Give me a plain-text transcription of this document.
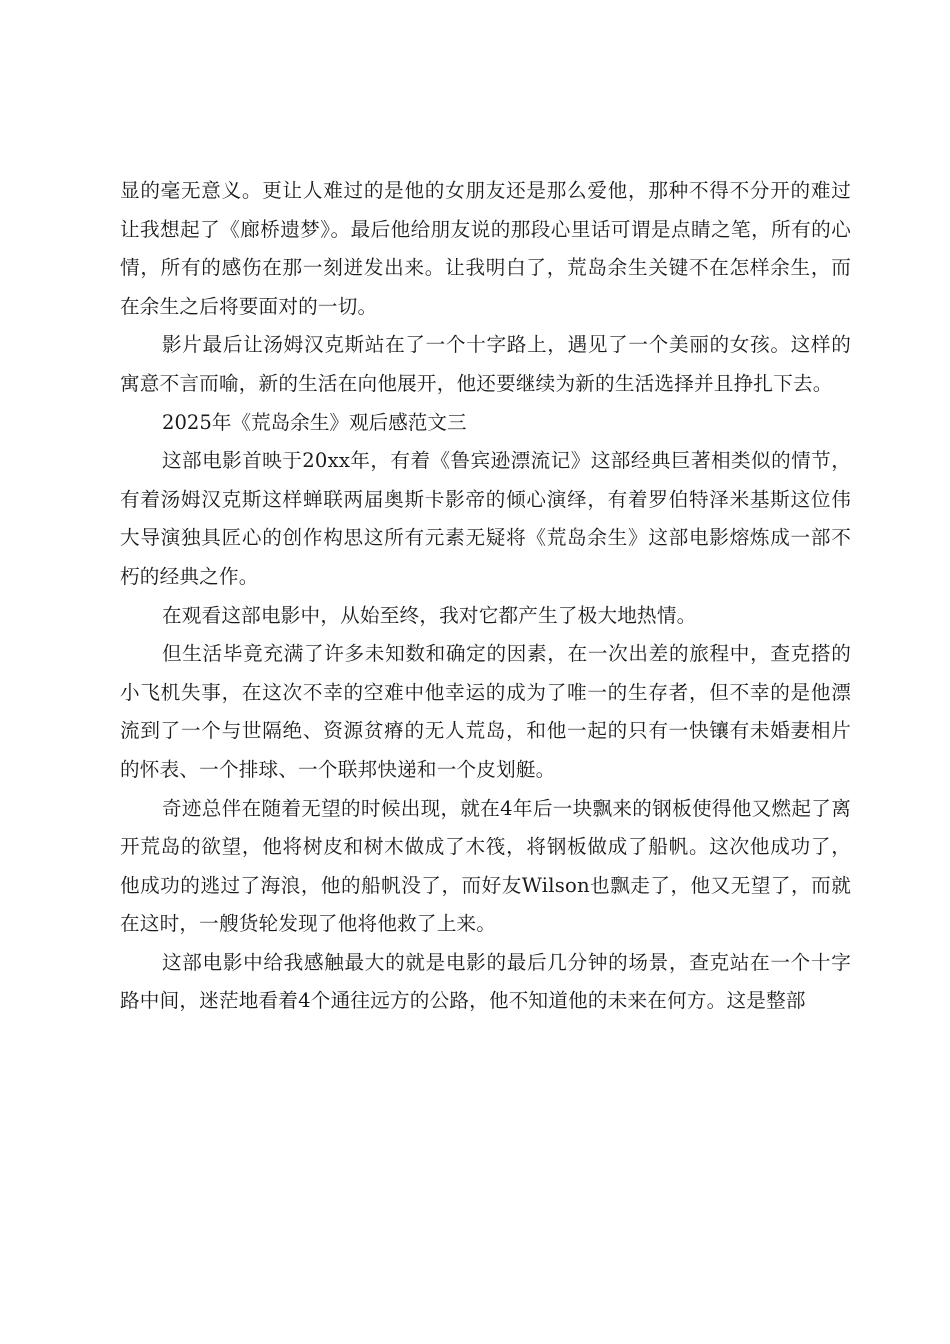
显的毫无意义。更让人难过的是他的女朋友还是那么爱他，那种不得不分开的难过让我想起了《廊桥遗梦》。最后他给朋友说的那段心里话可谓是点睛之笔，所有的心情，所有的感伤在那一刻迸发出来。让我明白了，荒岛余生关键不在怎样余生，而在余生之后将要面对的一切。

影片最后让汤姆汉克斯站在了一个十字路上，遇见了一个美丽的女孩。这样的寓意不言而喻，新的生活在向他展开，他还要继续为新的生活选择并且挣扎下去。

2025年《荒岛余生》观后感范文三

这部电影首映于20xx年，有着《鲁宾逊漂流记》这部经典巨著相类似的情节，有着汤姆汉克斯这样蝉联两届奥斯卡影帝的倾心演绎，有着罗伯特泽米基斯这位伟大导演独具匠心的创作构思这所有元素无疑将《荒岛余生》这部电影熔炼成一部不朽的经典之作。

在观看这部电影中，从始至终，我对它都产生了极大地热情。

但生活毕竟充满了许多未知数和确定的因素，在一次出差的旅程中，查克搭的小飞机失事，在这次不幸的空难中他幸运的成为了唯一的生存者，但不幸的是他漂流到了一个与世隔绝、资源贫瘠的无人荒岛，和他一起的只有一快镶有未婚妻相片的怀表、一个排球、一个联邦快递和一个皮划艇。

奇迹总伴在随着无望的时候出现，就在4年后一块飘来的钢板使得他又燃起了离开荒岛的欲望，他将树皮和树木做成了木筏，将钢板做成了船帆。这次他成功了，他成功的逃过了海浪，他的船帆没了，而好友Wilson也飘走了，他又无望了，而就在这时，一艘货轮发现了他将他救了上来。

这部电影中给我感触最大的就是电影的最后几分钟的场景，查克站在一个十字路中间，迷茫地看着4个通往远方的公路，他不知道他的未来在何方。这是整部
